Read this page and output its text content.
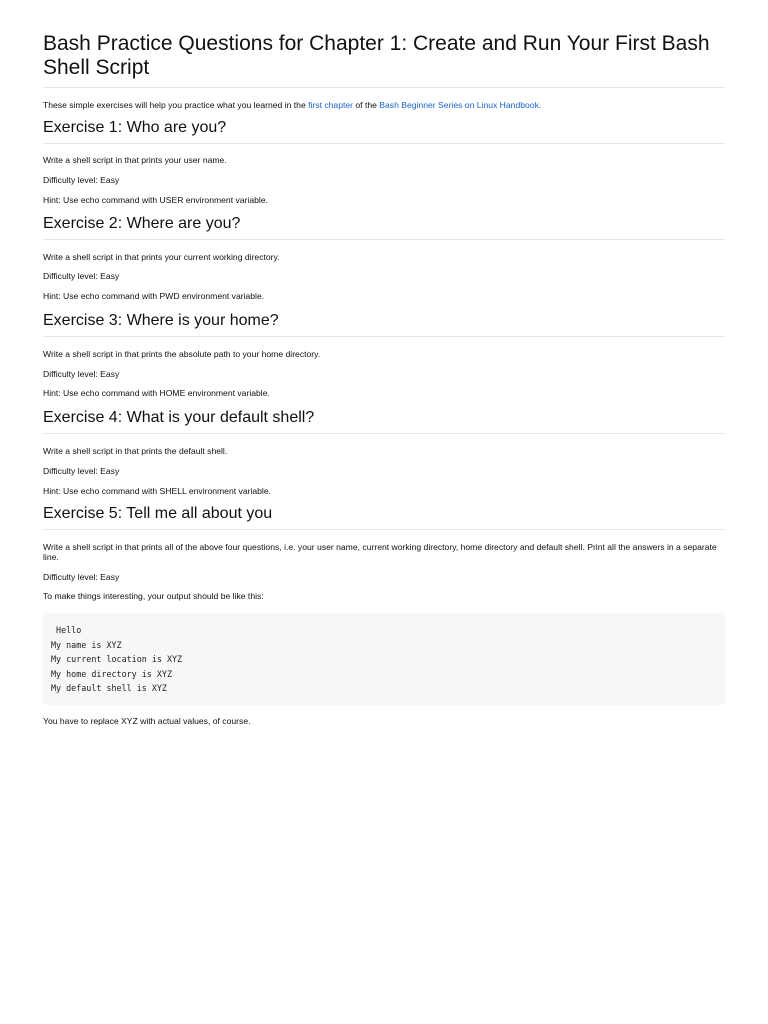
Bash Practice Questions for Chapter 1: Create and Run Your First Bash Shell Script

These simple exercises will help you practice what you learned in the first chapter of the Bash Beginner Series on Linux Handbook.

Exercise 1: Who are you?

Write a shell script in that prints your user name.

Difficulty level: Easy

Hint: Use echo command with USER environment variable.

Exercise 2: Where are you?

Write a shell script in that prints your current working directory.

Difficulty level: Easy

Hint: Use echo command with PWD environment variable.

Exercise 3: Where is your home?

Write a shell script in that prints the absolute path to your home directory.

Difficulty level: Easy

Hint: Use echo command with HOME environment variable.

Exercise 4: What is your default shell?

Write a shell script in that prints the default shell.

Difficulty level: Easy

Hint: Use echo command with SHELL environment variable.

Exercise 5: Tell me all about you

Write a shell script in that prints all of the above four questions, i.e. your user name, current working directory, home directory and default shell. Print all the answers in a separate line.

Difficulty level: Easy

To make things interesting, your output should be like this:

Hello
My name is XYZ
My current location is XYZ
My home directory is XYZ
My default shell is XYZ

You have to replace XYZ with actual values, of course.
